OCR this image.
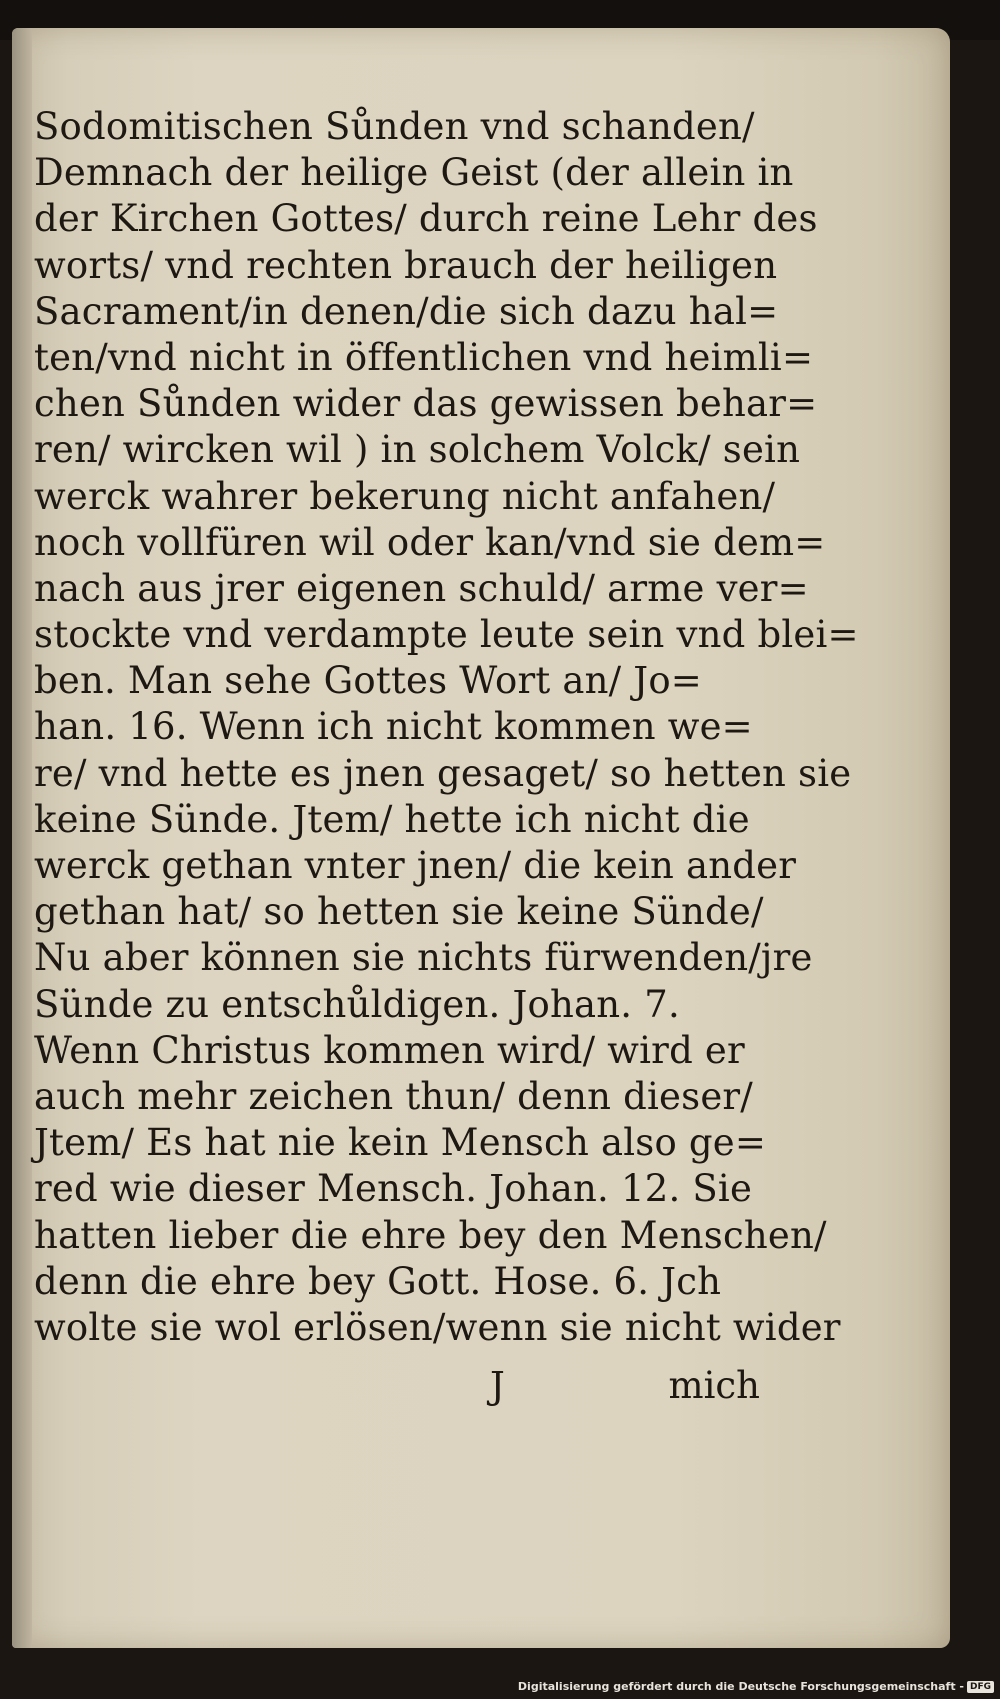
Sodomitischen Sůnden vnd schanden/
Demnach der heilige Geist (der allein in
der Kirchen Gottes/ durch reine Lehr des
worts/ vnd rechten brauch der heiligen
Sacrament/in denen/die sich dazu hal=
ten/vnd nicht in öffentlichen vnd heimli=
chen Sůnden wider das gewissen behar=
ren/ wircken wil ) in solchem Volck/ sein
werck wahrer bekerung nicht anfahen/
noch vollfüren wil oder kan/vnd sie dem=
nach aus jrer eigenen schuld/ arme ver=
stockte vnd verdampte leute sein vnd blei=
ben. Man sehe Gottes Wort an/ Jo=
han. 16. Wenn ich nicht kommen we=
re/ vnd hette es jnen gesaget/ so hetten sie
keine Sünde. Jtem/ hette ich nicht die
werck gethan vnter jnen/ die kein ander
gethan hat/ so hetten sie keine Sünde/
Nu aber können sie nichts fürwenden/jre
Sünde zu entschůldigen. Johan. 7.
Wenn Christus kommen wird/ wird er
auch mehr zeichen thun/ denn dieser/
Jtem/ Es hat nie kein Mensch also ge=
red wie dieser Mensch. Johan. 12. Sie
hatten lieber die ehre bey den Menschen/
denn die ehre bey Gott. Hose. 6. Jch
wolte sie wol erlösen/wenn sie nicht wider
J	mich
Digitalisierung gefördert durch die Deutsche Forschungsgemeinschaft - DFG
